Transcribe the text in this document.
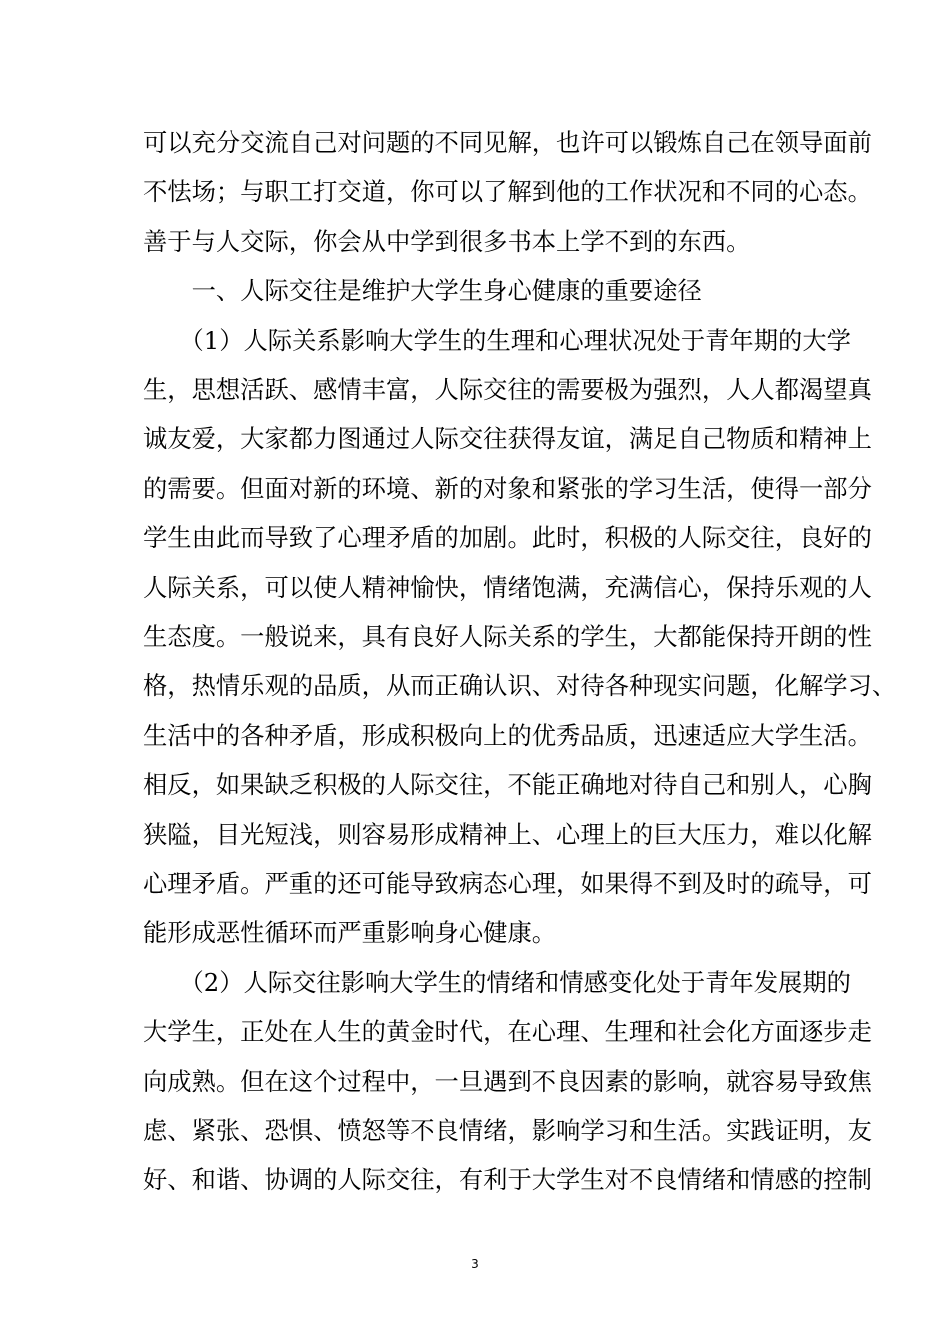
可以充分交流自己对问题的不同见解，也许可以锻炼自己在领导面前
不怯场；与职工打交道，你可以了解到他的工作状况和不同的心态。
善于与人交际，你会从中学到很多书本上学不到的东西。
　　一、人际交往是维护大学生身心健康的重要途径
　　（1）人际关系影响大学生的生理和心理状况处于青年期的大学
生，思想活跃、感情丰富，人际交往的需要极为强烈，人人都渴望真
诚友爱，大家都力图通过人际交往获得友谊，满足自己物质和精神上
的需要。但面对新的环境、新的对象和紧张的学习生活，使得一部分
学生由此而导致了心理矛盾的加剧。此时，积极的人际交往，良好的
人际关系，可以使人精神愉快，情绪饱满，充满信心，保持乐观的人
生态度。一般说来，具有良好人际关系的学生，大都能保持开朗的性
格，热情乐观的品质，从而正确认识、对待各种现实问题，化解学习、
生活中的各种矛盾，形成积极向上的优秀品质，迅速适应大学生活。
相反，如果缺乏积极的人际交往，不能正确地对待自己和别人，心胸
狭隘，目光短浅，则容易形成精神上、心理上的巨大压力，难以化解
心理矛盾。严重的还可能导致病态心理，如果得不到及时的疏导，可
能形成恶性循环而严重影响身心健康。
　　（2）人际交往影响大学生的情绪和情感变化处于青年发展期的
大学生，正处在人生的黄金时代，在心理、生理和社会化方面逐步走
向成熟。但在这个过程中，一旦遇到不良因素的影响，就容易导致焦
虑、紧张、恐惧、愤怒等不良情绪，影响学习和生活。实践证明，友
好、和谐、协调的人际交往，有利于大学生对不良情绪和情感的控制
3
